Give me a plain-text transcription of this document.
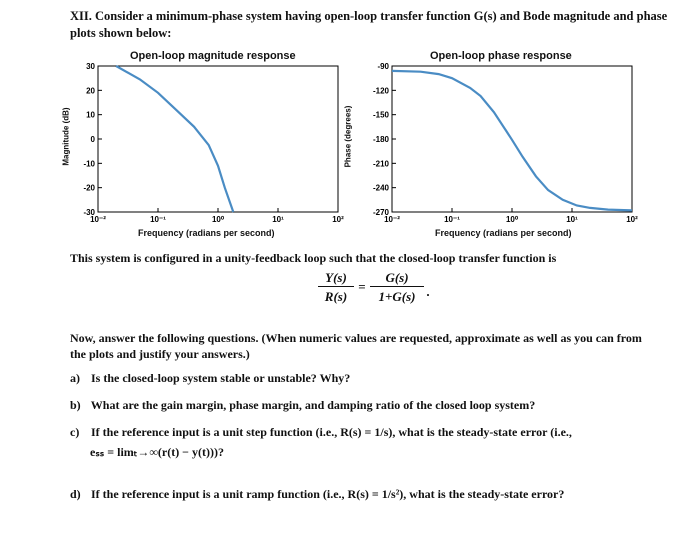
XII. Consider a minimum-phase system having open-loop transfer function G(s) and Bode magnitude and phase
plots shown below:
Open-loop magnitude response
Magnitude (dB)
10⁻²	10⁻¹	10⁰	10¹	10²
30
20
10
0
-10
-20
-30
Frequency (radians per second)
Open-loop phase response
Phase (degrees)
10⁻²	10⁻¹	10⁰	10¹	10²
-90
-120
-150
-180
-210
-240
-270
Frequency (radians per second)
This system is configured in a unity-feedback loop such that the closed-loop transfer function is
Y(s)
R(s)
=
G(s)
1+G(s) .
Now, answer the following questions. (When numeric values are requested, approximate as well as you can from
the plots and justify your answers.)
a) Is the closed-loop system stable or unstable? Why?
b) What are the gain margin, phase margin, and damping ratio of the closed loop system?
c) If the reference input is a unit step function (i.e., R(s) = 1/s), what is the steady-state error (i.e.,
eₛₛ = limₜ→∞(r(t) − y(t)))?
d) If the reference input is a unit ramp function (i.e., R(s) = 1/s²), what is the steady-state error?
